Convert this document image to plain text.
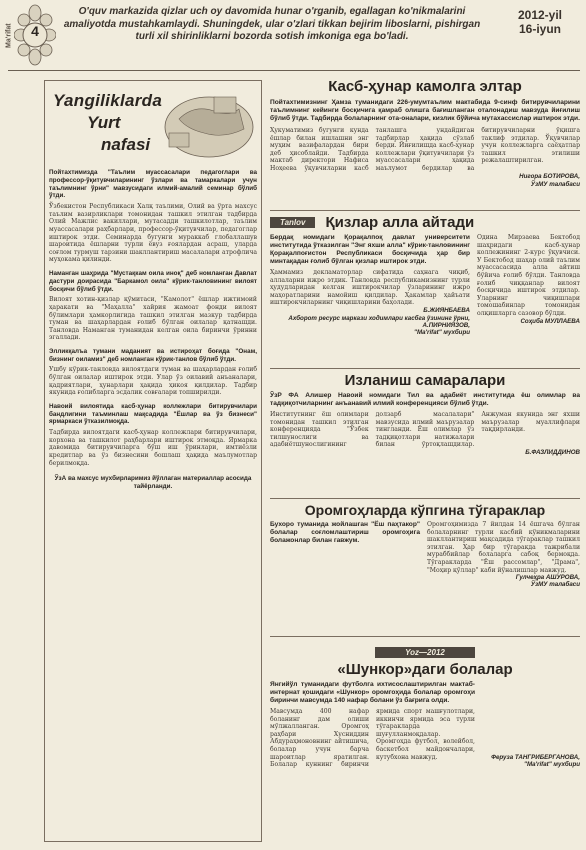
Ma'rifat	4
O'quv markazida qizlar uch oy davomida hunar o'rganib, egallagan ko'nikmalarini amaliyotda mustahkamlaydi. Shuningdek, ular o'zlari tikkan bejirim liboslarni, pishirgan turli xil shirinliklarni bozorda sotish imkoniga ega bo'ladi.
2012-yil
16-iyun
Yangiliklarda
Yurt
nafasi

Пойтахтимизда "Таълим муассасалари педагоглари ва профессор-ўқитувчиларининг ўзлари ва тамаркалари учун таълимнинг ўрни" мавзусидаги илмий-амалий семинар бўлиб ўтди.

Ўзбекистон Республикаси Халқ таълими, Олий ва ўрта махсус таълим вазирликлари томонидан ташкил этилган тадбирда Олий Мажлис вакиллари, мутасадди ташкилотлар, таълим муассасалари раҳбарлари, профессор-ўқитувчилар, педагоглар иштирок этди. Семинарда бугунги мураккаб глобаллашув шароитида ёшларни турли ёвуз ғоялардан асраш, уларда соғлом турмуш тарзини шакллантириш масалалари атрофлича муҳокама қилинди.

Наманган шаҳрида "Мустақкам оила иноқ" деб номланган Давлат дастури доирасида "Баркамол оила" кўрик-танловининг вилоят босқичи бўлиб ўтди.

Вилоят хотин-қизлар қўмитаси, "Камолот" ёшлар ижтимоий ҳаракати ва "Маҳалла" хайрия жамоат фонди вилоят бўлимлари ҳамкорлигида ташкил этилган мазкур тадбирда туман ва шаҳарлардан ғолиб бўлган оилалар қатнашди. Танловда Наманган туманидан келган оила биринчи ўринни эгаллади.

Элликқалъа тумани маданият ва истироҳат боғида "Онам, бизнинг оиламиз" деб номланган кўрик-танлов бўлиб ўтди.

Ушбу кўрик-танловда вилоятдаги туман ва шаҳарлардан ғолиб бўлган оилалар иштирок этди. Улар ўз оилавий анъаналари, қадриятлари, ҳунарлари ҳақида ҳикоя қилдилар. Тадбир якунида ғолибларга эсдалик совғалари топширилди.

Навоий вилоятида касб-ҳунар коллежлари битирувчилари бандлигини таъминлаш мақсадида "Ёшлар ва ўз бизнеси" ярмаркаси ўтказилмоқда.

Тадбирда вилоятдаги касб-ҳунар коллежлари битирувчилари, корхона ва ташкилот раҳбарлари иштирок этмоқда. Ярмарка давомида битирувчиларга бўш иш ўринлари, имтиёзли кредитлар ва ўз бизнесини бошлаш ҳақида маълумотлар берилмоқда.

ЎзА ва махсус мухбирларимиз йўллаган материаллар асосида тайёрланди.

Касб-ҳунар камолга элтар

Пойтахтимизнинг Ҳамза туманидаги 226-умумтаълим мактабида 9-синф битирувчиларини таълимнинг кейинги босқичига қамраб олишга бағишланган оталонадиш мавзуда йиғилиш бўлиб ўтди. Тадбирда болаларнинг ота-оналари, кизлик бўйича мутахассислар иштирок этди.

Ҳукуматимиз бугунги кунда ёшлар билан ишлашни энг муҳим вазифалардан бири деб ҳисоблайди. Тадбирда мактаб директори Нафиса Ноҳеева ўқувчиларни касб танлашга ундайдиган тадбирлар ҳақида сўзлаб берди. Йиғилишда касб-ҳунар коллежлари ўқитувчилари ўз муассасалари ҳақида маълумот бердилар ва битирувчиларни ўқишга таклиф этдилар. Ўқувчилар учун коллежларга саёҳатлар ташкил этилиши режалаштирилган.

Нигора БОТИРОВА,
ЎзМУ талабаси
Tanlov	Қизлар алла айтади

Бердақ номидаги Қорақалпоқ давлат университети институтида ўтказилган "Энг яхши алла" кўрик-танловининг Қорақалпоғистон Республикаси босқичида ҳар бир минтақадан ғолиб бўлган қизлар иштирок этди.

Ҳаммамиз декламаторлар сифатида саҳнага чиқиб, аллаларни ижро этдик. Танловда республикамизнинг турли ҳудудларидан келган иштирокчилар ўзларининг ижро маҳоратларини намойиш қилдилар. Ҳакамлар ҳайъати иштирокчиларнинг чиқишларини баҳолади.

Б.ЖИЯНБАЕВА
Ахборот ресурс маркази ходимлари касбга ўзининг ўрни,
А.ПИРНИЯЗОВ,
"Ma'rifat" мухбири

Одина Мирзаева Бектобод шаҳридаги касб-ҳунар коллежининг 2-курс ўқувчиси. У Бектобод шаҳар олий таълим муассасасида алла айтиш бўйича ғолиб бўлди. Танловда ғолиб чиққанлар вилоят босқичида иштирок этдилар. Уларнинг чиқишлари томошабинлар томонидан олқишларга сазовор бўлди.

Соҳиба МУЛЛАЕВА
Изланиш самаралари

ЎзР ФА Алишер Навоий номидаги Тил ва адабиёт институтида ёш олимлар ва тадқиқотчиларнинг анъанавий илмий конференцияси бўлиб ўтди.

Институтнинг ёш олимлари томонидан ташкил этилган конференцияда "Ўзбек тилшунослиги ва адабиётшунослигининг долзарб масалалари" мавзусида илмий маърузалар тингланди. Ёш олимлар ўз тадқиқотлари натижалари билан ўртоқлашдилар. Анжуман якунида энг яхши маърузалар муаллифлари тақдирланди.

Б.ФАЗЛИДДИНОВ
Оромгоҳларда кўпгина тўгараклар

Бухоро туманида жойлашган "Ёш паҳтакор" болалар соғломлаштириш оромгоҳига болажонлар билан гавжум.

Оромгоҳимизда 7 йилдан 14 ёшгача бўлган болаларнинг турли касбий кўникмаларини шакллантириш мақсадида тўгараклар ташкил этилган. Ҳар бир тўгаракда тажрибали мураббийлар болаларга сабоқ бермоқда. Тўгаракларда "Ёш рассомлар", "Драма", "Моҳир қўллар" каби йўналишлар мавжуд.

Гулчеҳра АШУРОВА,
ЎзМУ талабаси
Yoz—2012
«Шункор»даги болалар

Янгийўл туманидаги футболга ихтисослаштирилган мактаб-интернат қошидаги «Шункор» оромгоҳида болалар оромгоҳи биринчи мавсумда 140 нафар болани ўз бағрига олди.

Мавсумда 400 нафар боланинг дам олиши мўлжалланган. Оромгоҳ раҳбари Хусниддин Абдураҳмоновнинг айтишича, болалар учун барча шароитлар яратилган. Болалар куннинг биринчи ярмида спорт машғулотлари, иккинчи ярмида эса турли тўгаракларда шуғулланмоқдалар. Оромгоҳда футбол, волейбол, баскетбол майдончалари, кутубхона мавжуд.	Феруза ТАНГРИБЕРГАНОВА,
"Ma'rifat" мухбири
